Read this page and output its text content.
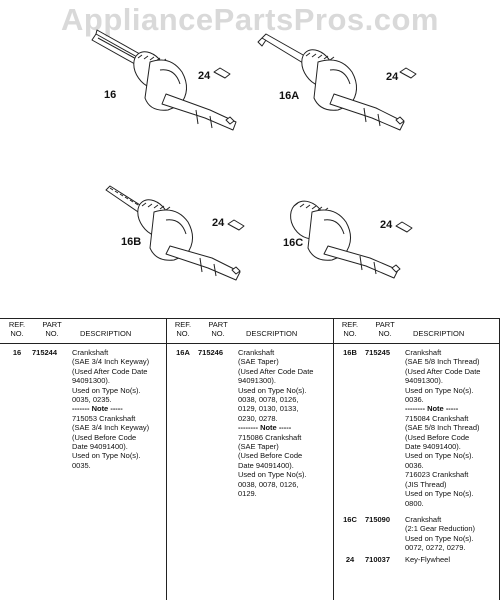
AppliancePartsPros.com
16
24
16A
24
16B
24
16C
24
REF.
NO.
PART
NO.	DESCRIPTION
REF.
NO.
PART
NO.	DESCRIPTION
REF.
NO.
PART
NO.	DESCRIPTION
16	715244	Crankshaft
(SAE 3/4 Inch Keyway)
(Used After Code Date
94091300).
Used on Type No(s).
0035, 0235.
------- Note -----
715053 Crankshaft
(SAE 3/4 Inch Keyway)
(Used Before Code
Date 94091400).
Used on Type No(s).
0035.
16A	715246	Crankshaft
(SAE Taper)
(Used After Code Date
94091300).
Used on Type No(s).
0038, 0078, 0126,
0129, 0130, 0133,
0230, 0278.
-------- Note -----
715086 Crankshaft
(SAE Taper)
(Used Before Code
Date 94091400).
Used on Type No(s).
0038, 0078, 0126,
0129.
16B	715245	Crankshaft
(SAE 5/8 Inch Thread)
(Used After Code Date
94091300).
Used on Type No(s).
0036.
-------- Note -----
715084 Crankshaft
(SAE 5/8 Inch Thread)
(Used Before Code
Date 94091400).
Used on Type No(s).
0036.
716023 Crankshaft
(JIS Thread)
Used on Type No(s).
0800.
16C	715090	Crankshaft
(2:1 Gear Reduction)
Used on Type No(s).
0072, 0272, 0279.
24	710037	Key-Flywheel
